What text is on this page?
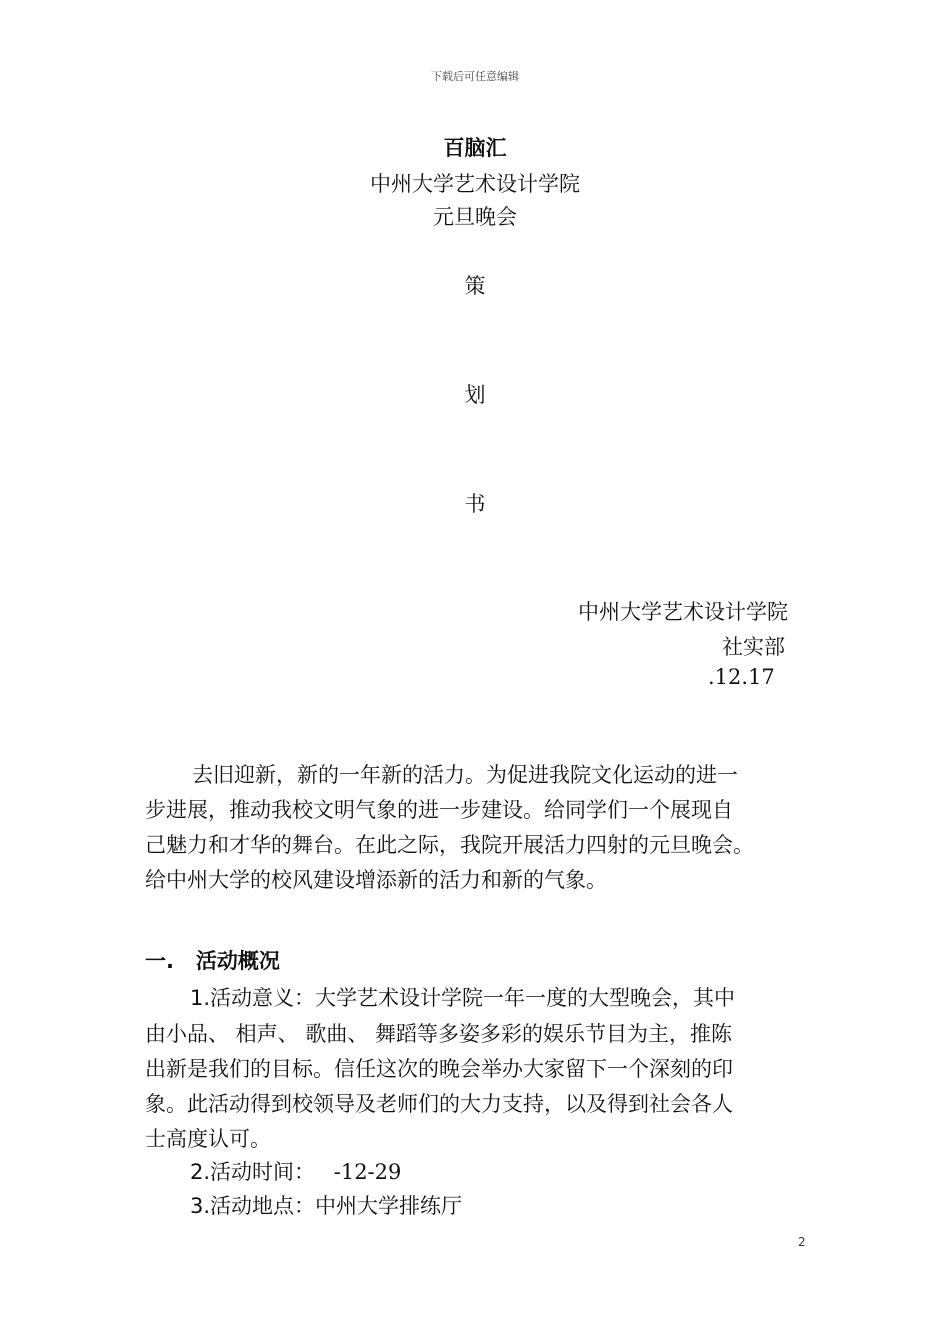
下载后可任意编辑
百脑汇
中州大学艺术设计学院
元旦晚会
策
划
书
中州大学艺术设计学院
社实部
.12.17
去旧迎新，新的一年新的活力。为促进我院文化运动的进一
步进展，推动我校文明气象的进一步建设。给同学们一个展现自
己魅力和才华的舞台。在此之际，我院开展活力四射的元旦晚会。
给中州大学的校风建设增添新的活力和新的气象。
一.   活动概况
1.活动意义：大学艺术设计学院一年一度的大型晚会，其中
由小品、 相声、 歌曲、 舞蹈等多姿多彩的娱乐节目为主，推陈
出新是我们的目标。信任这次的晚会举办大家留下一个深刻的印
象。此活动得到校领导及老师们的大力支持，以及得到社会各人
士高度认可。
2.活动时间： -12-29
3.活动地点：中州大学排练厅
2
